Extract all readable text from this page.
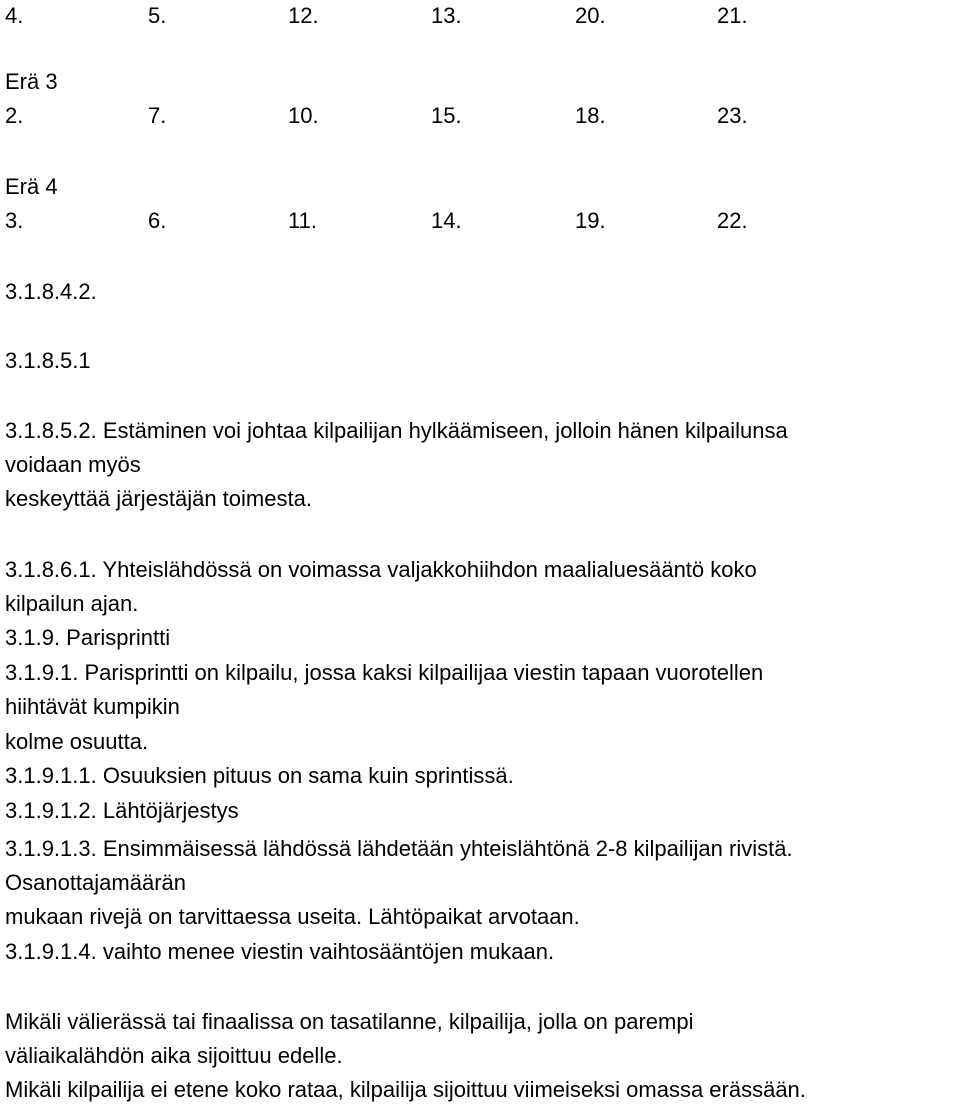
4.	5.	12.	13.	20.	21.
Erä 3
2.	7.	10.	15.	18.	23.
Erä 4
3.	6.	11.	14.	19.	22.
3.1.8.4.2.
3.1.8.5.1
3.1.8.5.2. Estäminen voi johtaa kilpailijan hylkäämiseen, jolloin hänen kilpailunsa
voidaan myös
keskeyttää järjestäjän toimesta.
3.1.8.6.1. Yhteislähdössä on voimassa valjakkohiihdon maalialuesääntö koko
kilpailun ajan.
3.1.9. Parisprintti
3.1.9.1. Parisprintti on kilpailu, jossa kaksi kilpailijaa viestin tapaan vuorotellen
hiihtävät kumpikin
kolme osuutta.
3.1.9.1.1. Osuuksien pituus on sama kuin sprintissä.
3.1.9.1.2. Lähtöjärjestys
3.1.9.1.3. Ensimmäisessä lähdössä lähdetään yhteislähtönä 2-8 kilpailijan rivistä.
Osanottajamäärän
mukaan rivejä on tarvittaessa useita. Lähtöpaikat arvotaan.
3.1.9.1.4. vaihto menee viestin vaihtosääntöjen mukaan.
Mikäli välierässä tai finaalissa on tasatilanne, kilpailija, jolla on parempi
väliaikalähdön aika sijoittuu edelle.
Mikäli kilpailija ei etene koko rataa, kilpailija sijoittuu viimeiseksi omassa erässään.
